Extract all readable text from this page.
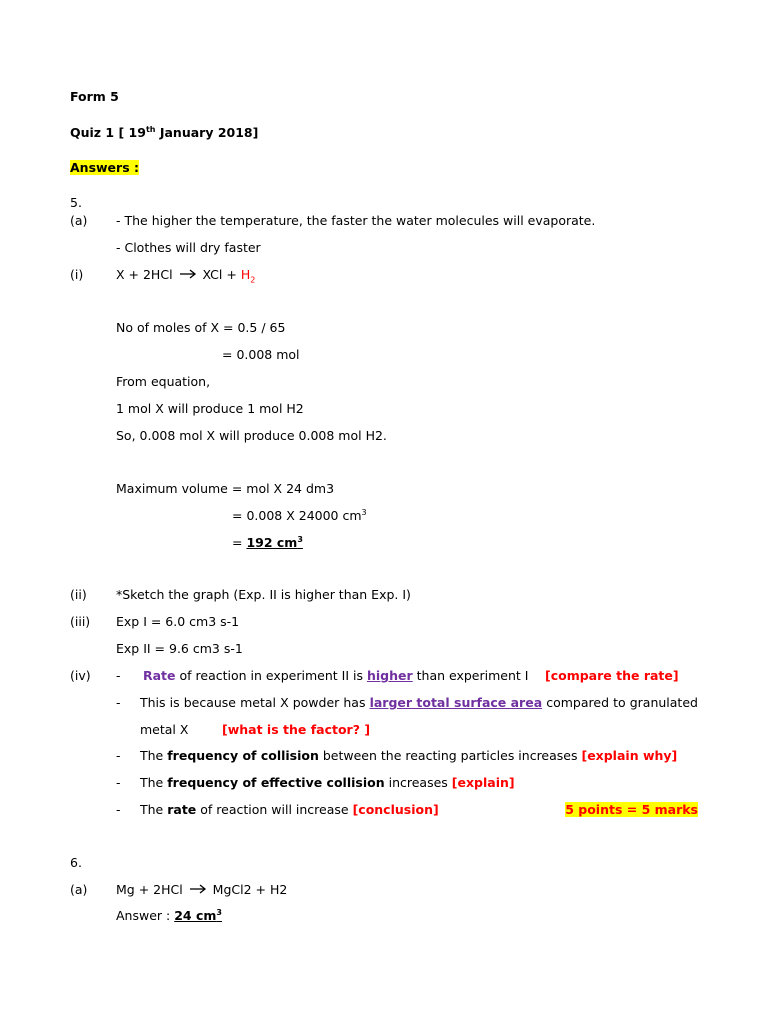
Form 5
Quiz 1 [ 19th January 2018]
Answers :
5.
(a) - The higher the temperature, the faster the water molecules will evaporate.
- Clothes will dry faster
(i)	X + 2HCl XCl + $H_2$
No of moles of X = 0.5 / 65
= 0.008 mol
From equation,
1 mol X will produce 1 mol H2
So, 0.008 mol X will produce 0.008 mol H2.
Maximum volume = mol X 24 dm3
= 0.008 X 24000 $cm^3$
= 192 $cm^3$
(ii) *Sketch the graph (Exp. II is higher than Exp. I)
(iii) Exp I = 6.0 cm3 s-1
Exp II = 9.6 cm3 s-1
(iv) - Rate of reaction in experiment II is higher than experiment I [compare the rate]
- This is because metal X powder has larger total surface area compared to granulated
metal X	[what is the factor? ]
- The frequency of collision between the reacting particles increases [explain why]
- The frequency of effective collision increases [explain]
- The rate of reaction will increase [conclusion]	5 points = 5 marks
6.
(a) Mg + 2HCl MgCl2 + H2
Answer : 24 $cm^3$
